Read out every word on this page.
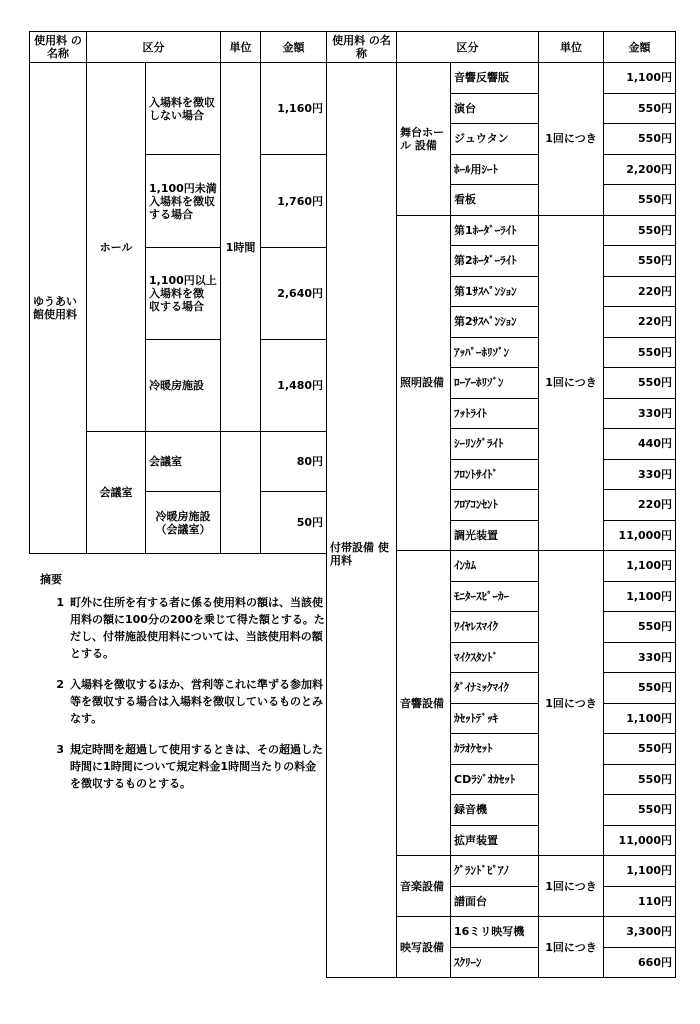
使用料 の名称	区分		単位	金額
ゆうあい 館使用料	ホール	入場料を徴収 しない場合	1時間	1,160円
		1,100円未満 入場料を徴収 する場合		1,760円
		1,100円以上 入場料を徴 収する場合		2,640円
		冷暖房施設		1,480円
	会議室	会議室		80円
		冷暖房施設 （会議室）		50円
使用料 の名称	区分		単位	金額
付帯設備 使用料	舞台ホール 設備	音響反響版	1回につき	1,100円
		演台		550円
		ジュウタン		550円
		ﾎｰﾙ用ｼｰﾄ		2,200円
		看板		550円
	照明設備	第1ﾎｰﾀﾞｰﾗｲﾄ	1回につき	550円
		第2ﾎｰﾀﾞｰﾗｲﾄ		550円
		第1ｻｽﾍﾟﾝｼｮﾝ		220円
		第2ｻｽﾍﾟﾝｼｮﾝ		220円
		ｱｯﾊﾟｰﾎﾘｿﾞﾝ		550円
		ﾛｰｱｰﾎﾘｿﾞﾝ		550円
		ﾌｯﾄﾗｲﾄ		330円
		ｼｰﾘﾝｸﾞﾗｲﾄ		440円
		ﾌﾛﾝﾄｻｲﾄﾞ		330円
		ﾌﾛｱｺﾝｾﾝﾄ		220円
		調光装置		11,000円
	音響設備	ｲﾝｶﾑ	1回につき	1,100円
		ﾓﾆﾀｰｽﾋﾟｰｶｰ		1,100円
		ﾜｲﾔﾚｽﾏｲｸ		550円
		ﾏｲｸｽﾀﾝﾄﾞ		330円
		ﾀﾞｲﾅﾐｯｸﾏｲｸ		550円
		ｶｾｯﾄﾃﾞｯｷ		1,100円
		ｶﾗｵｹｾｯﾄ		550円
		CDﾗｼﾞｵｶｾｯﾄ		550円
		録音機		550円
		拡声装置		11,000円
	音楽設備	ｸﾞﾗﾝﾄﾞﾋﾟｱﾉ	1回につき	1,100円
		譜面台		110円
	映写設備	16ミリ映写機	1回につき	3,300円
		ｽｸﾘｰﾝ		660円
摘要
1 町外に住所を有する者に係る使用料の額は、当該使用料の額に100分の200を乗じて得た額とする。ただし、付帯施設使用料については、当該使用料の額とする。
2 入場料を徴収するほか、営利等これに準ずる参加料等を徴収する場合は入場料を徴収しているものとみなす。
3 規定時間を超過して使用するときは、その超過した時間に1時間について規定料金1時間当たりの料金を徴収するものとする。
